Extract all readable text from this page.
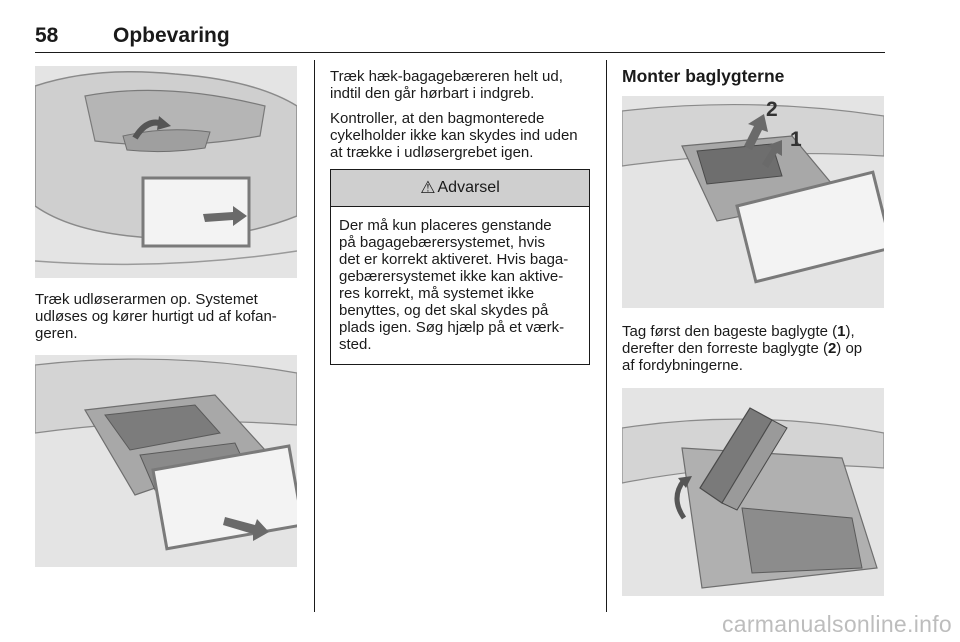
58	Opbevaring
Træk udløserarmen op. Systemet
udløses og kører hurtigt ud af kofan-
geren.
Træk hæk-bagagebæreren helt ud,
indtil den går hørbart i indgreb.
Kontroller, at den bagmonterede
cykelholder ikke kan skydes ind uden
at trække i udløsergrebet igen.
⚠ Advarsel
Der må kun placeres genstande
på bagagebærersystemet, hvis
det er korrekt aktiveret. Hvis baga-
gebærersystemet ikke kan aktive-
res korrekt, må systemet ikke
benyttes, og det skal skydes på
plads igen. Søg hjælp på et værk-
sted.
Monter baglygterne
2
1
Tag først den bageste baglygte (1),
derefter den forreste baglygte (2) op
af fordybningerne.
carmanualsonline.info
